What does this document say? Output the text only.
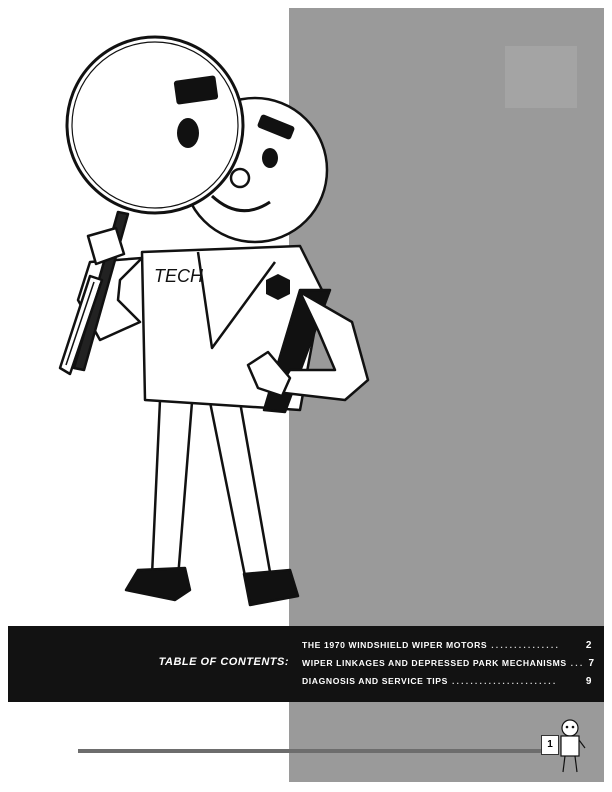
TECH
TABLE OF CONTENTS:
THE 1970 WINDSHIELD WIPER MOTORS ...............	2
WIPER LINKAGES AND DEPRESSED PARK MECHANISMS ... 7
DIAGNOSIS AND SERVICE TIPS .......................	9
1
